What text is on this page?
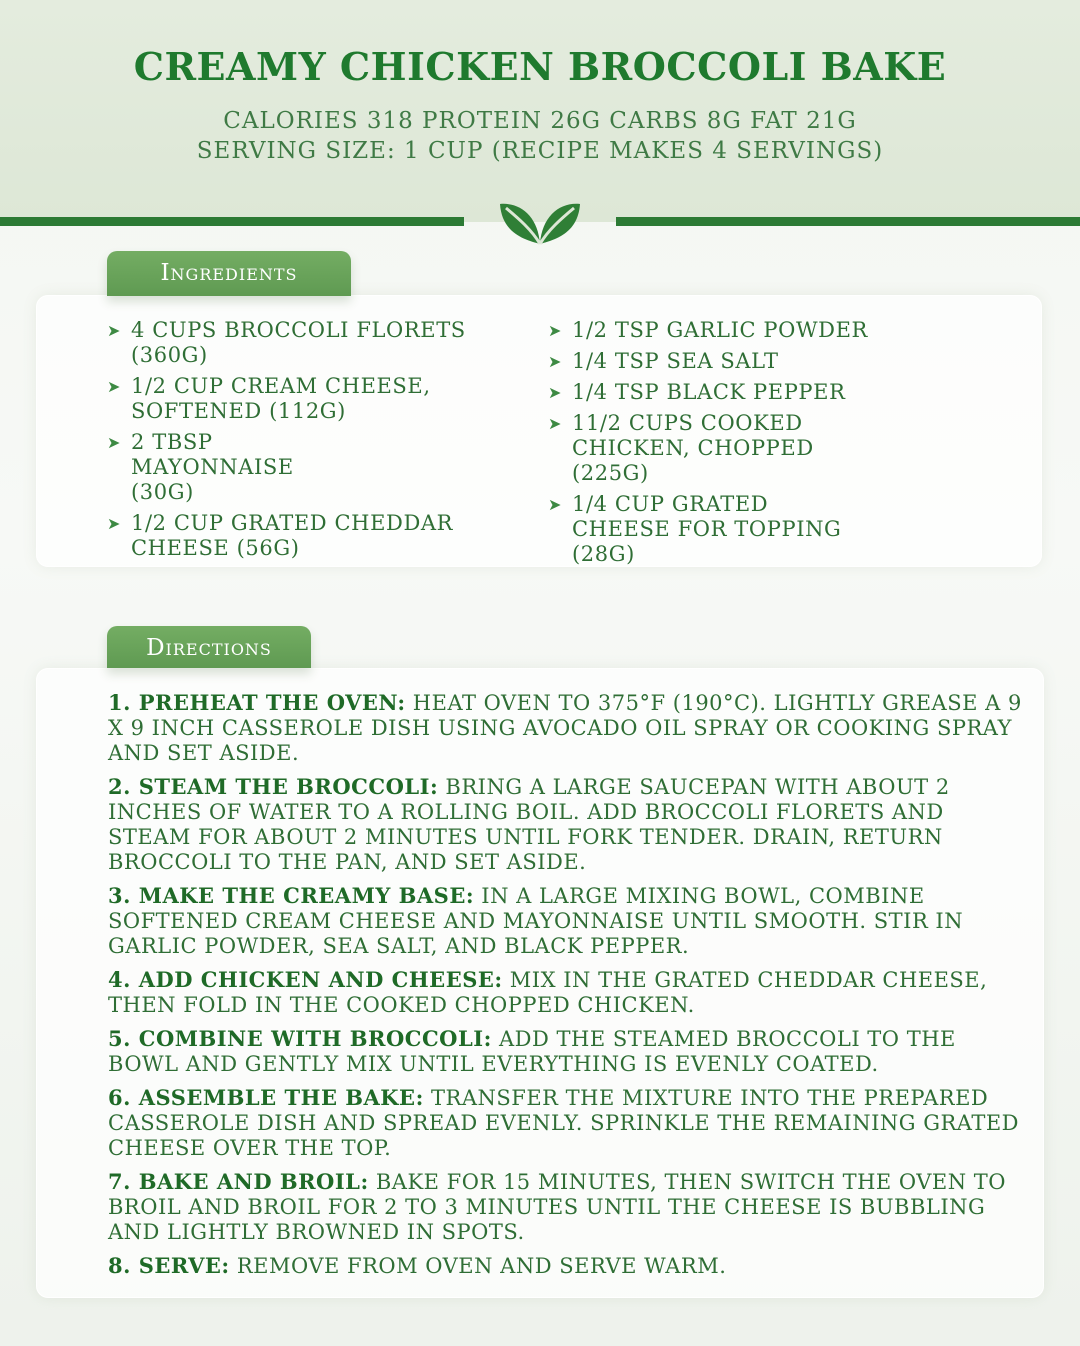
CREAMY CHICKEN BROCCOLI BAKE
CALORIES 318 PROTEIN 26G CARBS 8G FAT 21G
SERVING SIZE: 1 CUP (RECIPE MAKES 4 SERVINGS)
Ingredients
➤ 4 CUPS BROCCOLI FLORETS (360G)
➤ 1/2 CUP CREAM CHEESE, SOFTENED (112G)
➤ 2 TBSP MAYONNAISE (30G)
➤ 1/2 CUP GRATED CHEDDAR CHEESE (56G)
➤ 1/2 TSP GARLIC POWDER
➤ 1/4 TSP SEA SALT
➤ 1/4 TSP BLACK PEPPER
➤ 11/2 CUPS COOKED CHICKEN, CHOPPED (225G)
➤ 1/4 CUP GRATED CHEESE FOR TOPPING (28G)
Directions
1. PREHEAT THE OVEN: HEAT OVEN TO 375°F (190°C). LIGHTLY GREASE A 9 X 9 INCH CASSEROLE DISH USING AVOCADO OIL SPRAY OR COOKING SPRAY AND SET ASIDE.
2. STEAM THE BROCCOLI: BRING A LARGE SAUCEPAN WITH ABOUT 2 INCHES OF WATER TO A ROLLING BOIL. ADD BROCCOLI FLORETS AND STEAM FOR ABOUT 2 MINUTES UNTIL FORK TENDER. DRAIN, RETURN BROCCOLI TO THE PAN, AND SET ASIDE.
3. MAKE THE CREAMY BASE: IN A LARGE MIXING BOWL, COMBINE SOFTENED CREAM CHEESE AND MAYONNAISE UNTIL SMOOTH. STIR IN GARLIC POWDER, SEA SALT, AND BLACK PEPPER.
4. ADD CHICKEN AND CHEESE: MIX IN THE GRATED CHEDDAR CHEESE, THEN FOLD IN THE COOKED CHOPPED CHICKEN.
5. COMBINE WITH BROCCOLI: ADD THE STEAMED BROCCOLI TO THE BOWL AND GENTLY MIX UNTIL EVERYTHING IS EVENLY COATED.
6. ASSEMBLE THE BAKE: TRANSFER THE MIXTURE INTO THE PREPARED CASSEROLE DISH AND SPREAD EVENLY. SPRINKLE THE REMAINING GRATED CHEESE OVER THE TOP.
7. BAKE AND BROIL: BAKE FOR 15 MINUTES, THEN SWITCH THE OVEN TO BROIL AND BROIL FOR 2 TO 3 MINUTES UNTIL THE CHEESE IS BUBBLING AND LIGHTLY BROWNED IN SPOTS.
8. SERVE: REMOVE FROM OVEN AND SERVE WARM.
